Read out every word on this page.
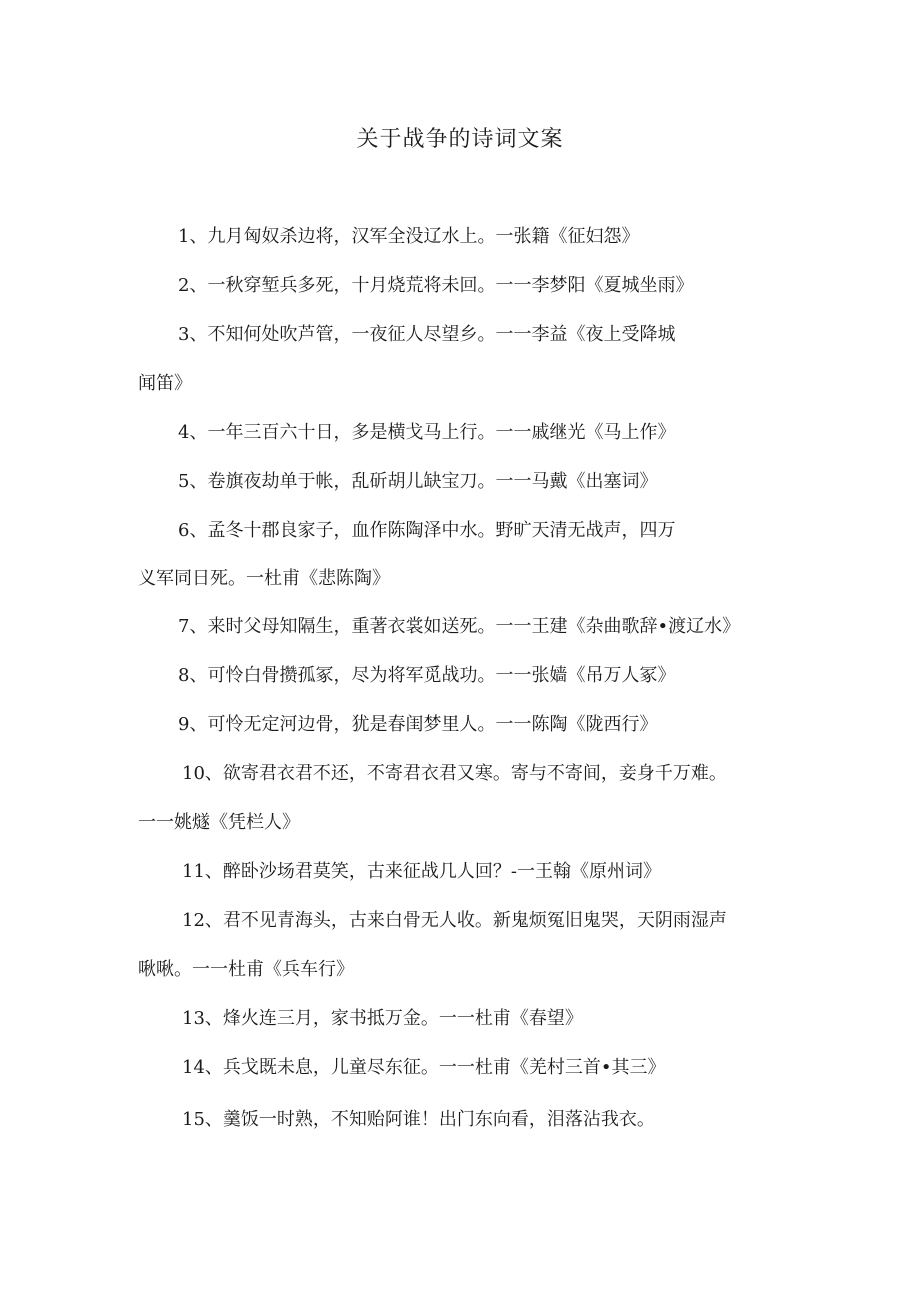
关于战争的诗词文案
1、九月匈奴杀边将，汉军全没辽水上。一张籍《征妇怨》
2、一秋穿堑兵多死，十月烧荒将未回。一一李梦阳《夏城坐雨》
3、不知何处吹芦管，一夜征人尽望乡。一一李益《夜上受降城
闻笛》
4、一年三百六十日，多是横戈马上行。一一戚继光《马上作》
5、卷旗夜劫单于帐，乱斫胡儿缺宝刀。一一马戴《出塞词》
6、孟冬十郡良家子，血作陈陶泽中水。野旷天清无战声，四万
义军同日死。一杜甫《悲陈陶》
7、来时父母知隔生，重著衣裳如送死。一一王建《杂曲歌辞•渡辽水》
8、可怜白骨攒孤冢，尽为将军觅战功。一一张嫱《吊万人冢》
9、可怜无定河边骨，犹是春闺梦里人。一一陈陶《陇西行》
10、欲寄君衣君不还，不寄君衣君又寒。寄与不寄间，妾身千万难。
一一姚燧《凭栏人》
11、醉卧沙场君莫笑，古来征战几人回？-一王翰《原州词》
12、君不见青海头，古来白骨无人收。新鬼烦冤旧鬼哭，天阴雨湿声
啾啾。一一杜甫《兵车行》
13、烽火连三月，家书抵万金。一一杜甫《春望》
14、兵戈既未息，儿童尽东征。一一杜甫《羌村三首•其三》
15、羹饭一时熟，不知贻阿谁！出门东向看，泪落沾我衣。
